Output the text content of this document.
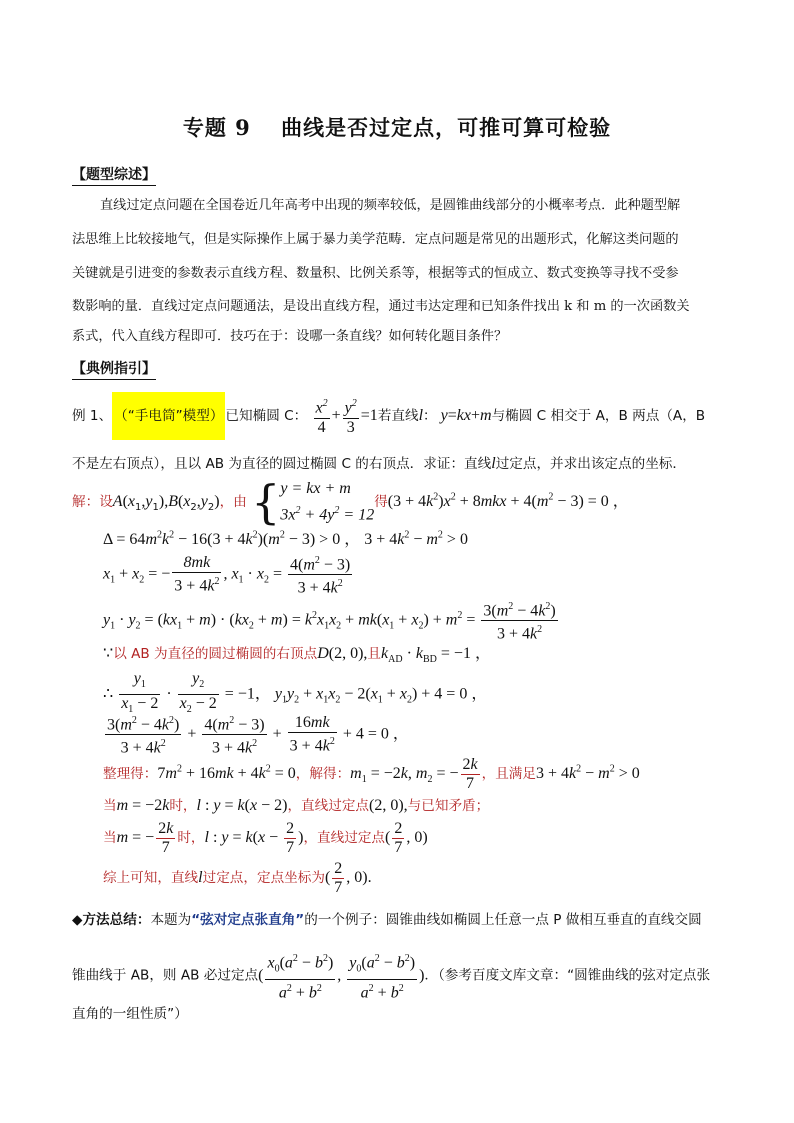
专题 9　 曲线是否过定点，可推可算可检验
【题型综述】
直线过定点问题在全国卷近几年高考中出现的频率较低，是圆锥曲线部分的小概率考点．此种题型解
法思维上比较接地气，但是实际操作上属于暴力美学范畴．定点问题是常见的出题形式，化解这类问题的
关键就是引进变的参数表示直线方程、数量积、比例关系等，根据等式的恒成立、数式变换等寻找不受参
数影响的量．直线过定点问题通法，是设出直线方程，通过韦达定理和已知条件找出 k 和 m 的一次函数关
系式，代入直线方程即可．技巧在于：设哪一条直线？如何转化题目条件？
【典例指引】
例 1、 （“手电筒”模型） 已知椭圆 C： $\frac{x^2}{4} + \frac{y^2}{3} =1$若直线l： y=kx+m与椭圆 C 相交于 A，B 两点（A，B
不是左右顶点），且以 AB 为直径的圆过椭圆 C 的右顶点．求证：直线l过定点，并求出该定点的坐标．
解：设$A(x_1,y_1),B(x_2,y_2)$，由 { y = kx + m
$3x^2 + 4y^2 = 12$
得$(3 + 4k^2)x^2 + 8mkx + 4(m^2 - 3) = 0$ ，
$\Delta = 64m^2k^2 - 16(3 + 4k^2)(m^2 - 3) > 0$ ， $3 + 4k^2 - m^2 > 0$
$x_1 + x_2$ = − $\frac{8mk}{3 + 4k^2}$ , $x_1 \cdot x_2 = \frac{4(m^2 - 3)}{3 + 4k^2}$
$y_1 \cdot y_2 = (kx_1 + m) \cdot (kx_2 + m) = k^2x_1x_2 + mk(x_1 + x_2) + m^2 = \frac{3(m^2 - 4k^2)}{3 + 4k^2}$
∵以 AB 为直径的圆过椭圆的右顶点D(2, 0),且$k_{AD} \cdot k_{BD} = -1$ ，
∴ $\frac{y_1}{x_1 - 2} \cdot \frac{y_2}{x_2 - 2} = -1$， $y_1y_2 + x_1x_2 - 2(x_1 + x_2) + 4 = 0$ ，
$\frac{3(m^2 - 4k^2)}{3 + 4k^2} + \frac{4(m^2 - 3)}{3 + 4k^2} + \frac{16mk}{3 + 4k^2} + 4 = 0$ ，
整理得：$7m^2 + 16mk + 4k^2 = 0$，解得：$m_1 = -2k$, $m_2$ = − $\frac{2k}{7}$ ，且满足$3 + 4k^2 - m^2 > 0$
当m = −2k时，l : y = k(x − 2)，直线过定点(2, 0),与已知矛盾；
当m = − $\frac{2k}{7}$ 时，l : $y = k(x - \frac{2}{7}$ )，直线过定点( $\frac{2}{7}$ , 0)
综上可知，直线l过定点，定点坐标为( $\frac{2}{7}$ , 0).
◆方法总结：本题为“弦对定点张直角”的一个例子：圆锥曲线如椭圆上任意一点 P 做相互垂直的直线交圆
锥曲线于 AB，则 AB 必过定点( $\frac{x_0(a^2 - b^2)}{a^2 + b^2}$ , $\frac{y_0(a^2 - b^2)}{a^2 + b^2}$ )．（参考百度文库文章：“圆锥曲线的弦对定点张
直角的一组性质”）
